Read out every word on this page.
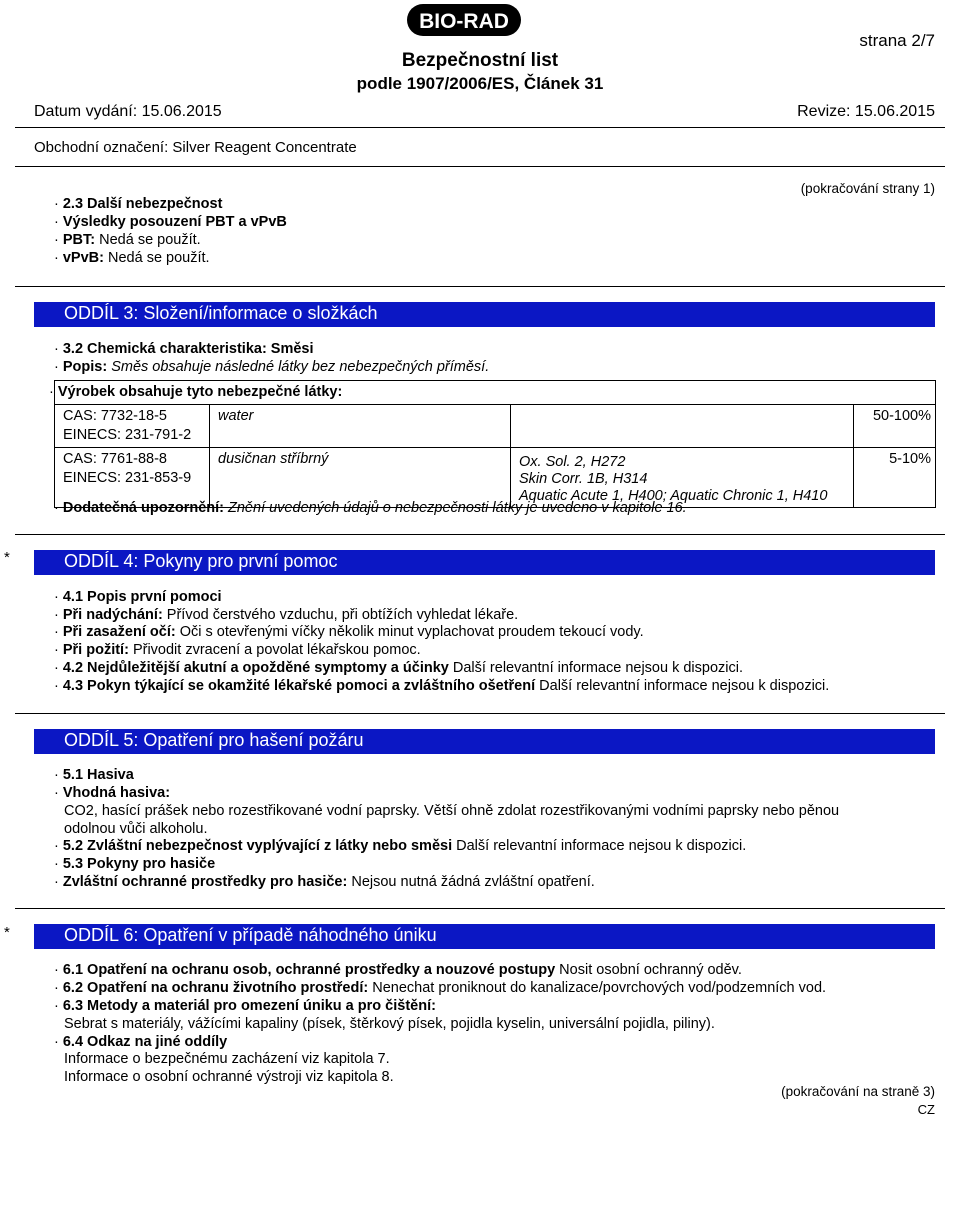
BIO-RAD
strana 2/7
Bezpečnostní list
podle 1907/2006/ES, Článek 31
Datum vydání: 15.06.2015	Revize: 15.06.2015
Obchodní označení: Silver Reagent Concentrate
(pokračování strany 1)
· 2.3 Další nebezpečnost
· Výsledky posouzení PBT a vPvB
· PBT: Nedá se použít.
· vPvB: Nedá se použít.
ODDÍL 3: Složení/informace o složkách
· 3.2 Chemická charakteristika: Směsi
· Popis: Směs obsahuje následné látky bez nebezpečných příměsí.
· Výrobek obsahuje tyto nebezpečné látky:			
CAS: 7732-18-5
EINECS: 231-791-2	water		50-100%
CAS: 7761-88-8
EINECS: 231-853-9	dusičnan stříbrný	Ox. Sol. 2, H272
Skin Corr. 1B, H314
Aquatic Acute 1, H400; Aquatic Chronic 1, H410	5-10%
· Dodatečná upozornění: Znění uvedených údajů o nebezpečnosti látky je uvedeno v kapitole 16.
*	ODDÍL 4: Pokyny pro první pomoc
· 4.1 Popis první pomoci
· Při nadýchání: Přívod čerstvého vzduchu, při obtížích vyhledat lékaře.
· Při zasažení očí: Oči s otevřenými víčky několik minut vyplachovat proudem tekoucí vody.
· Při požití: Přivodit zvracení a povolat lékařskou pomoc.
· 4.2 Nejdůležitější akutní a opožděné symptomy a účinky Další relevantní informace nejsou k dispozici.
· 4.3 Pokyn týkající se okamžité lékařské pomoci a zvláštního ošetření Další relevantní informace nejsou k dispozici.
ODDÍL 5: Opatření pro hašení požáru
· 5.1 Hasiva
· Vhodná hasiva:
CO2, hasící prášek nebo rozestřikované vodní paprsky. Větší ohně zdolat rozestřikovanými vodními paprsky nebo pěnou
odolnou vůči alkoholu.
· 5.2 Zvláštní nebezpečnost vyplývající z látky nebo směsi Další relevantní informace nejsou k dispozici.
· 5.3 Pokyny pro hasiče
· Zvláštní ochranné prostředky pro hasiče: Nejsou nutná žádná zvláštní opatření.
*	ODDÍL 6: Opatření v případě náhodného úniku
· 6.1 Opatření na ochranu osob, ochranné prostředky a nouzové postupy Nosit osobní ochranný oděv.
· 6.2 Opatření na ochranu životního prostředí: Nenechat proniknout do kanalizace/povrchových vod/podzemních vod.
· 6.3 Metody a materiál pro omezení úniku a pro čištění:
Sebrat s materiály, vážícími kapaliny (písek, štěrkový písek, pojidla kyselin, universální pojidla, piliny).
· 6.4 Odkaz na jiné oddíly
Informace o bezpečnému zacházení viz kapitola 7.
Informace o osobní ochranné výstroji viz kapitola 8.
(pokračování na straně 3)
CZ
